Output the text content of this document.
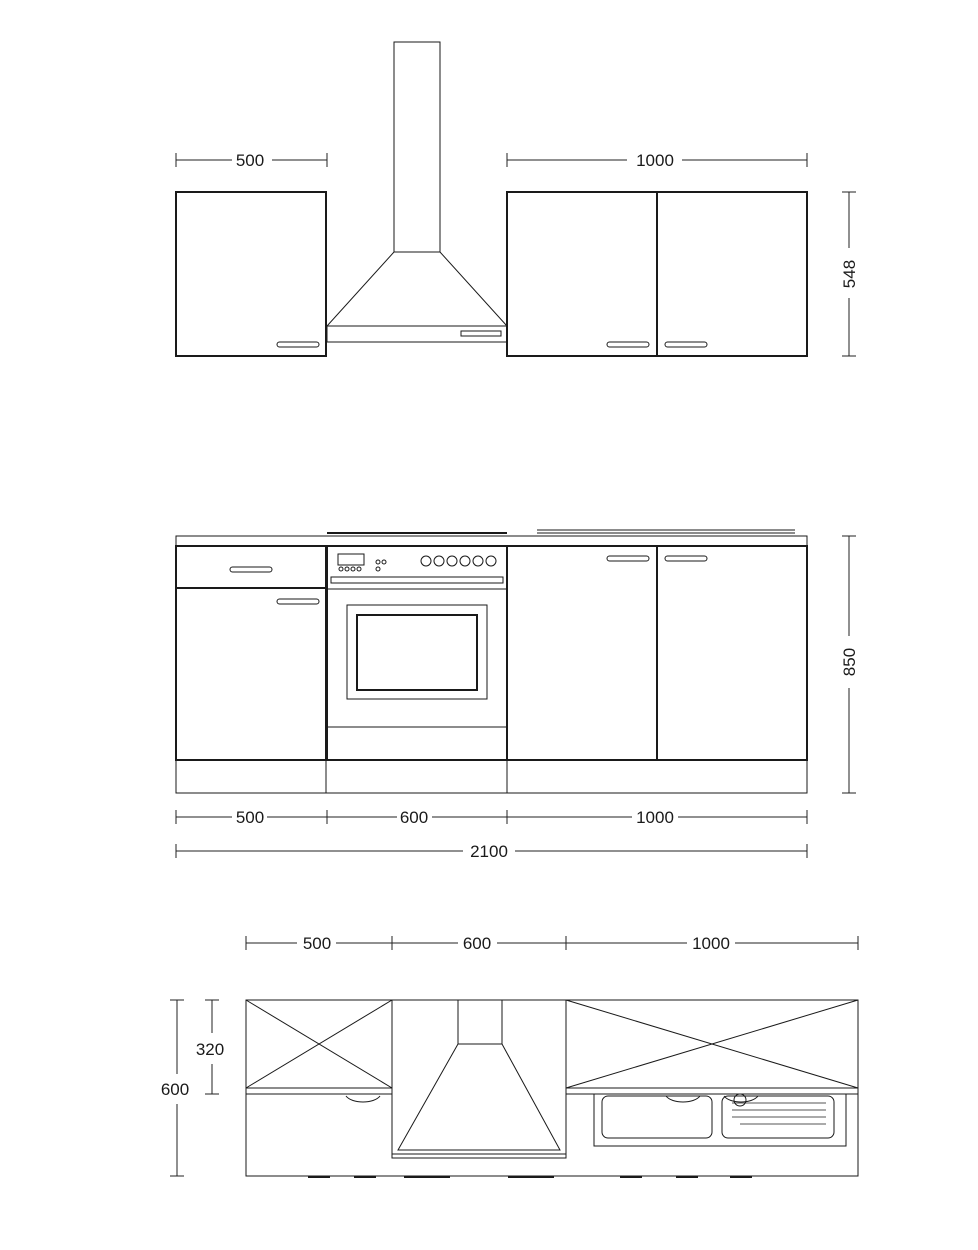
500	1000
548
850
500	600	1000
2100
500	600	1000
320
600
